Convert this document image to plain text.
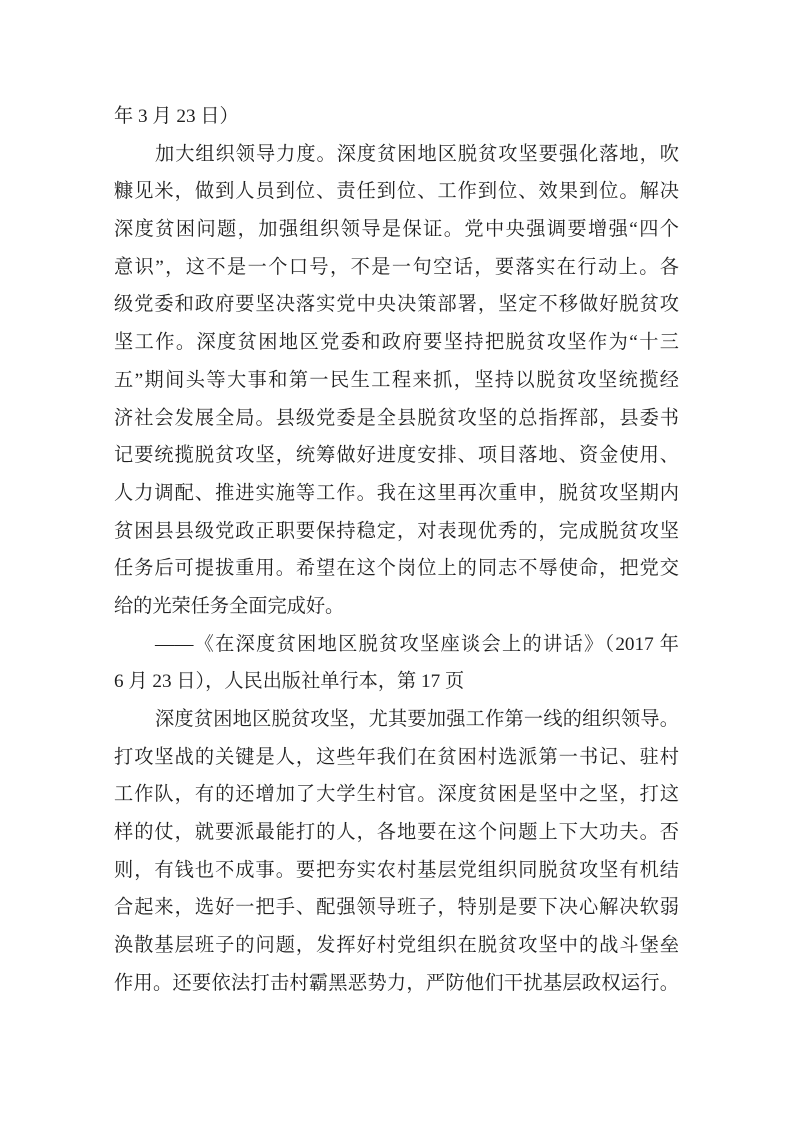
年 3 月 23 日）
加大组织领导力度。深度贫困地区脱贫攻坚要强化落地，吹
糠见米，做到人员到位、责任到位、工作到位、效果到位。解决
深度贫困问题，加强组织领导是保证。党中央强调要增强“四个
意识”，这不是一个口号，不是一句空话，要落实在行动上。各
级党委和政府要坚决落实党中央决策部署，坚定不移做好脱贫攻
坚工作。深度贫困地区党委和政府要坚持把脱贫攻坚作为“十三
五”期间头等大事和第一民生工程来抓，坚持以脱贫攻坚统揽经
济社会发展全局。县级党委是全县脱贫攻坚的总指挥部，县委书
记要统揽脱贫攻坚，统筹做好进度安排、项目落地、资金使用、
人力调配、推进实施等工作。我在这里再次重申，脱贫攻坚期内
贫困县县级党政正职要保持稳定，对表现优秀的，完成脱贫攻坚
任务后可提拔重用。希望在这个岗位上的同志不辱使命，把党交
给的光荣任务全面完成好。
——《在深度贫困地区脱贫攻坚座谈会上的讲话》（2017 年
6 月 23 日），人民出版社单行本，第 17 页
深度贫困地区脱贫攻坚，尤其要加强工作第一线的组织领导。
打攻坚战的关键是人，这些年我们在贫困村选派第一书记、驻村
工作队，有的还增加了大学生村官。深度贫困是坚中之坚，打这
样的仗，就要派最能打的人，各地要在这个问题上下大功夫。否
则，有钱也不成事。要把夯实农村基层党组织同脱贫攻坚有机结
合起来，选好一把手、配强领导班子，特别是要下决心解决软弱
涣散基层班子的问题，发挥好村党组织在脱贫攻坚中的战斗堡垒
作用。还要依法打击村霸黑恶势力，严防他们干扰基层政权运行。
